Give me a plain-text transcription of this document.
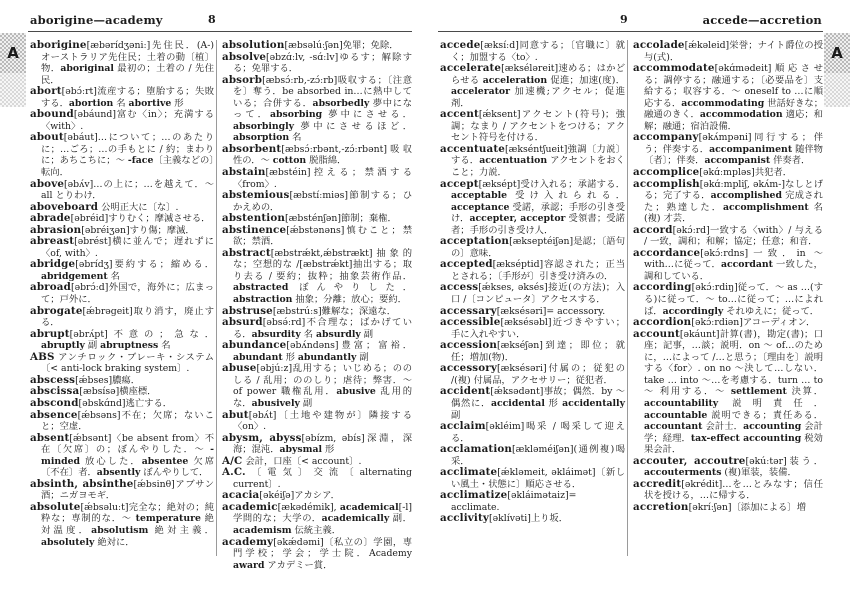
A	A
aborigine—academy	8	9	accede—accretion
aborigine[æbərídʒəniː]先住民．(A-) オーストラリア先住民；土着の動〔植〕物．aboriginal 最初の；土着の / 先住民．
abort[əbɔ́ːrt]流産する；堕胎する；失敗する．abortion 名 abortive 形
abound[əbáund]富む〈in〉；充満する〈with〉.
about[əbáut]…について；…のあたりに；…ごろ；…の手もとに / 約；まわりに；あちこちに；〜 -face〔主義などの〕転向．
above[əbʌ́v]…の上に；…を越えて．〜 all とりわけ．
aboveboard 公明正大に〔な〕.
abrade[əbréid]すりむく；摩滅させる．
abrasion[əbréiʒən]すり傷；摩滅．
abreast[əbrést]横に並んで；遅れずに〈of, with〉.
abridge[əbrídʒ]要約する；縮める．abridgement 名
abroad[əbrɔ́ːd]外国で，海外に；広まって；戸外に．
abrogate[ǽbrəgeit]取り消す，廃止する．
abrupt[əbrʌ́pt]不意の；急な．abruptly 副 abruptness 名
ABS アンチロック・ブレーキ・システム〔< anti-lock braking system〕.
abscess[ǽbses]膿瘍．
abscissa[æbsísə]横座標．
abscond[əbskɑ́nd]逃亡する．
absence[ǽbsəns]不在；欠席；ないこと；空虚．
absent[ǽbsənt]〈be absent from〉不在〔欠席〕の；ぼんやりした．〜 -minded 放心した．absentee 欠席〔不在〕者．absently ぼんやりして．
absinth, absinthe[ǽbsinθ]アブサン酒；ニガヨモギ．
absolute[ǽbsəluːt]完全な；絶対の；純粋な；専制的な．〜 temperature 絶対温度．absolutism 絶対主義．absolutely 絶対に．
absolution[æbsəlúːʃən]免罪；免除．
absolve[əbzɑ́ːlv, -sɑ́ːlv]ゆるす；解除する；免罪する．
absorb[æbsɔ́ːrb,-zɔ́ːrb]吸収する；〔注意を〕奪う．be absorbed in…に熱中している；合併する．absorbedly 夢中になって．absorbing 夢中にさせる．absorbingly 夢中にさせるほど．absorption 名
absorbent[æbsɔ́ːrbənt,-zɔ́ːrbənt]吸収性の．〜 cotton 脱脂綿．
abstain[æbstéin]控える；禁酒する〈from〉.
abstemious[æbstíːmiəs]節制する；ひかえめの．
abstention[æbsténʃən]節制；棄権．
abstinence[ǽbstənəns]慎むこと；禁欲；禁酒．
abstract[æbstrǽkt,ǽbstrækt]抽象的な；空想的な /[æbstrǽkt]抽出する；取り去る / 要約；抜粋；抽象芸術作品．abstracted ぼんやりした．abstraction 抽象；分離；放心；要約．
abstruse[æbstrúːs]難解な；深遠な．
absurd[əbsə́ːrd]不合理な；ばかげている．absurdity 名 absurdly 副
abundance[əbʌ́ndəns]豊富；富裕．abundant 形 abundantly 副
abuse[əbjúːz]乱用する；いじめる；ののしる / 乱用；ののしり；虐待；弊害．〜 of power 職権乱用．abusive 乱用的な．abusively 副
abut[əbʌ́t]〔土地や建物が〕隣接する〈on〉.
abysm, abyss[əbízm, əbís]深淵，深海；混沌．abysmal 形
A/C 会計，口座〔< account〕.
A.C.〔電気〕交流〔alternating current〕.
acacia[əkéiʃə]アカシア．
academic[ækədémik], academical[-l]学問的な；大学の．academically 副．academism 伝統主義．
academy[əkǽdəmi]〔私立の〕学園，専門学校；学会；学士院．Academy award アカデミー賞．
accede[æksíːd]同意する；〔官職に〕就く；加盟する〈to〉.
accelerate[ækséləreit]速める；はかどらせる acceleration 促進；加速(度)．accelerator 加速機;アクセル；促進剤．
accent[ǽksent]アクセント(符号)；強調；なまり / アクセントをつける；アクセント符号を付ける．
accentuate[ækséntʃueit]強調〔力説〕する．accentuation アクセントをおくこと；力説．
accept[æksépt]受け入れる；承諾する．acceptable 受け入れられる．acceptance 受諾，承認；手形の引き受け．accepter, acceptor 受領書；受諾者；手形の引き受け人．
acceptation[ækseptéiʃən]是認；〔語句の〕意味．
accepted[ækséptid]容認された；正当とされる；〔手形が〕引き受け済みの．
access[ǽkses, əksés]接近(の方法)；入口 /〔コンピュータ〕アクセスする．
accessary[æksésəri]= accessory.
accessible[æksésəbl]近づきやすい；手に入れやすい．
accession[ækséʃən]到達；即位；就任；増加(物)．
accessory[æksésəri]付属の；従犯の /(複) 付属品，アクセサリー；従犯者．
accident[ǽksədənt]事故；偶然．by 〜 偶然に．accidental 形 accidentally 副
acclaim[əkléim]喝采 / 喝采して迎える．
acclamation[ækləméiʃən](通例複)喝采．
acclimate[ǽkləmeit, əkláimət]〔新しい風土・状態に〕順応させる．
acclimatize[əkláimətaiz]= acclimate.
acclivity[əklívəti]上り坂．
accolade[ǽkəleid]栄誉；ナイト爵位の授与(式)．
accommodate[əkɑ́mədeit]順応させる；調停する；融通する；〔必要品を〕支給する；収容する．〜 oneself to …に順応する．accommodating 世話好きな；融通のきく．accommodation 適応；和解；融通；宿泊設備．
accompany[əkʌ́mpəni]同行する；伴う；伴奏する．accompaniment 随伴物〔者〕；伴奏．accompanist 伴奏者．
accomplice[əkɑ́ːmpləs]共犯者．
accomplish[əkɑ́ːmpliʃ, əkʌ́m-]なしとげる；完了する．accomplished 完成された；熟達した．accomplishment 名(複) 才芸．
accord[əkɔ́ːrd]一致する〈with〉/ 与える / 一致，調和；和解；協定；任意；和音．
accordance[əkɔ́ːrdns]一致．in 〜 with…に従って．accordant 一致した，調和している．
according[əkɔ́ːrdiŋ]従って．〜 as …(する)に従って．〜 to…に従って；…によれば．accordingly それゆえに；従って．
accordion[əkɔ́ːrdiən]アコーディオン．
account[əkáunt]計算(書)，勘定(書)；口座；記事，…談；説明．on 〜 of…のために，…によって /…と思う；〔理由を〕説明する〈for〉. on no 〜決して…しない．take … into 〜…を考慮する．turn … to 〜 利用する．〜 settlement 決算．accountability 説明責任．accountable 説明できる；責任ある．accountant 会計士．accounting 会計学；経理．tax-effect accounting 税効果会計．
accouter, accoutre[əkúːtər]装う．accouterments (複)軍装，装備．
accredit[əkrédit]…を…とみなす；信任状を授ける，…に帰する．
accretion[əkríːʃən]〔添加による〕増
